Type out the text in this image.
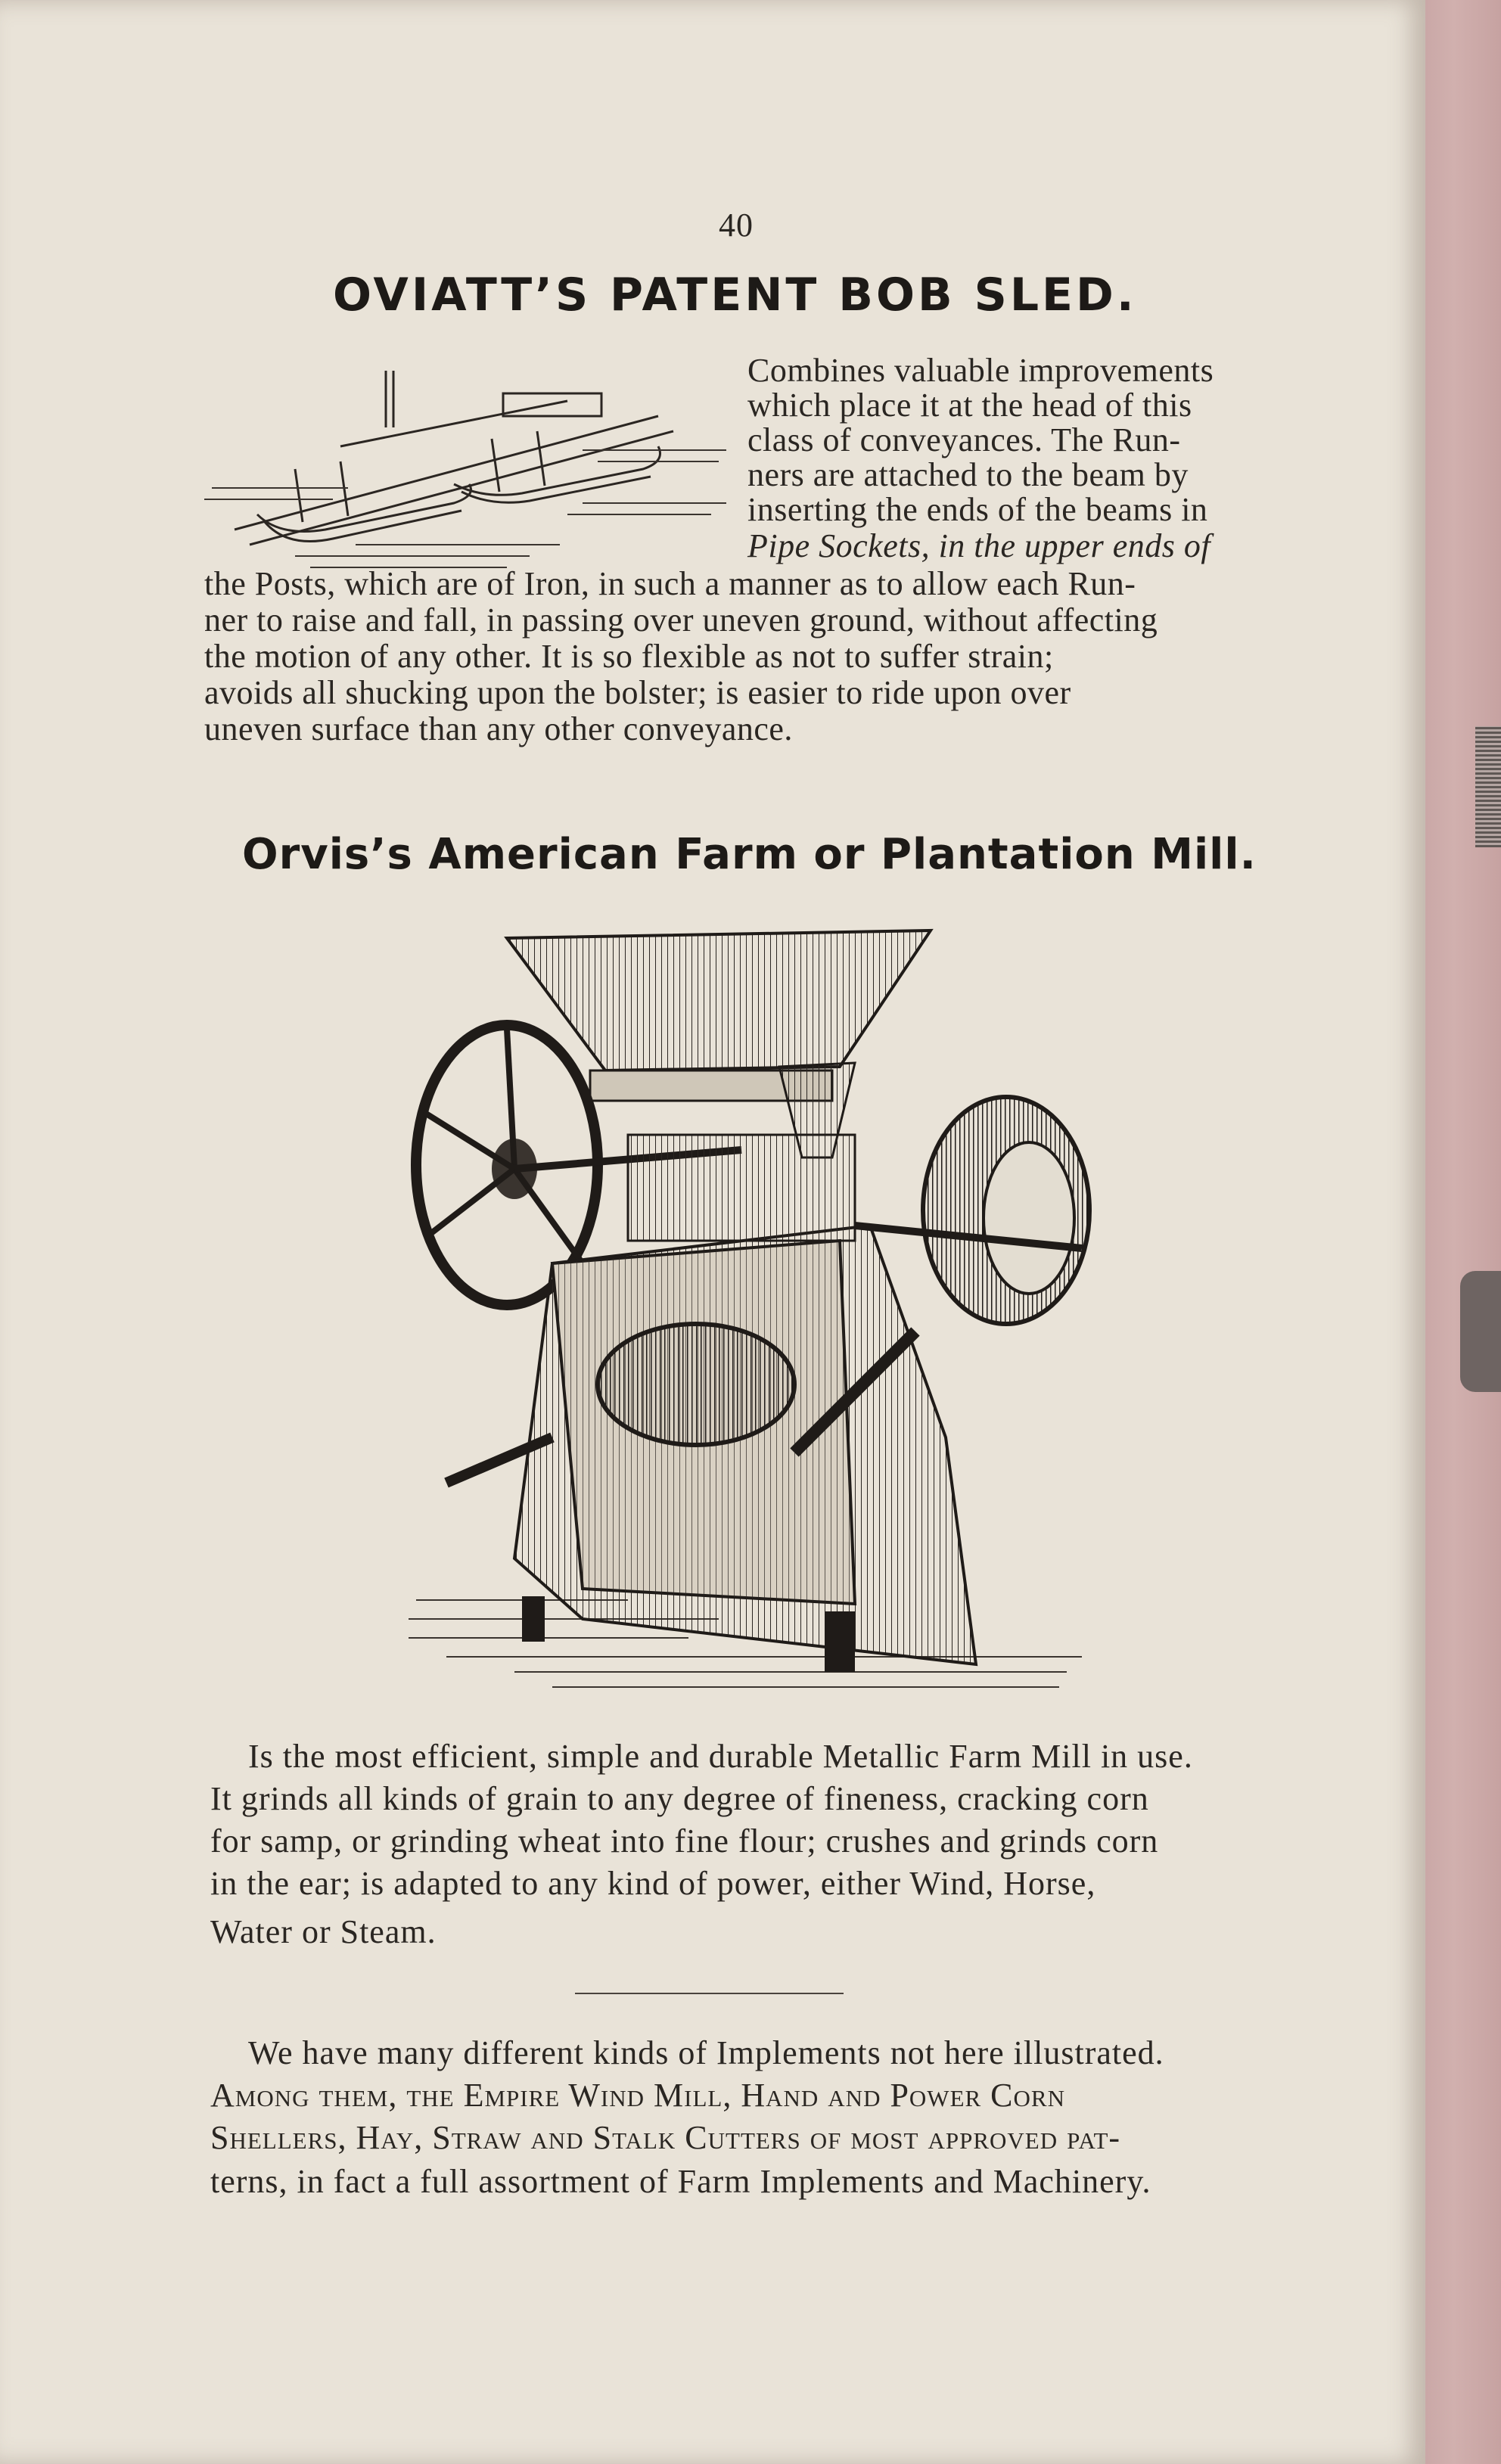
40
OVIATT’S PATENT BOB SLED.
Combines valuable improvements
which place it at the head of this
class of conveyances. The Run-
ners are attached to the beam by
inserting the ends of the beams in
Pipe Sockets, in the upper ends of
the Posts, which are of Iron, in such a manner as to allow each Run-
ner to raise and fall, in passing over uneven ground, without affecting
the motion of any other. It is so flexible as not to suffer strain;
avoids all shucking upon the bolster; is easier to ride upon over
uneven surface than any other conveyance.
Orvis’s American Farm or Plantation Mill.
Is the most efficient, simple and durable Metallic Farm Mill in use.
It grinds all kinds of grain to any degree of fineness, cracking corn
for samp, or grinding wheat into fine flour; crushes and grinds corn
in the ear; is adapted to any kind of power, either Wind, Horse,
Water or Steam.
We have many different kinds of Implements not here illustrated.
Among them, the Empire Wind Mill, Hand and Power Corn
Shellers, Hay, Straw and Stalk Cutters of most approved pat-
terns, in fact a full assortment of Farm Implements and Machinery.
